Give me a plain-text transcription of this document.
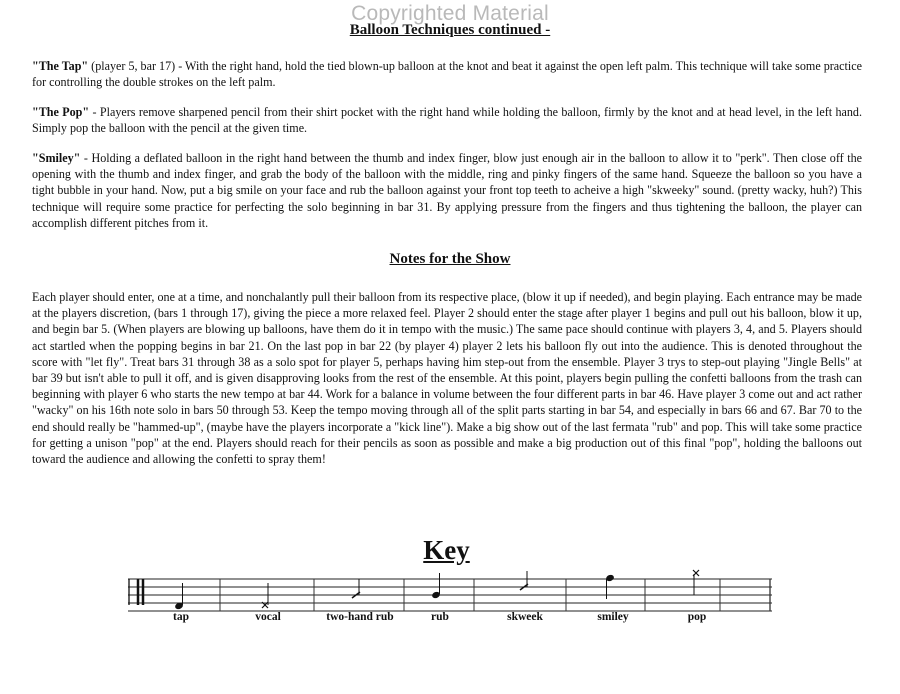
Copyrighted Material
Balloon Techniques continued -

"The Tap" (player 5, bar 17) - With the right hand, hold the tied blown-up balloon at the knot and beat it against the open left palm. This technique will take some practice for controlling the double strokes on the left palm.

"The Pop" - Players remove sharpened pencil from their shirt pocket with the right hand while holding the balloon, firmly by the knot and at head level, in the left hand. Simply pop the balloon with the pencil at the given time.

"Smiley" - Holding a deflated balloon in the right hand between the thumb and index finger, blow just enough air in the balloon to allow it to "perk". Then close off the opening with the thumb and index finger, and grab the body of the balloon with the middle, ring and pinky fingers of the same hand. Squeeze the balloon so you have a tight bubble in your hand. Now, put a big smile on your face and rub the balloon against your front top teeth to acheive a high "skweeky" sound. (pretty wacky, huh?) This technique will require some practice for perfecting the solo beginning in bar 31. By applying pressure from the fingers and thus tightening the balloon, the player can accomplish different pitches from it.

Notes for the Show

Each player should enter, one at a time, and nonchalantly pull their balloon from its respective place, (blow it up if needed), and begin playing. Each entrance may be made at the players discretion, (bars 1 through 17), giving the piece a more relaxed feel. Player 2 should enter the stage after player 1 begins and pull out his balloon, blow it up, and begin bar 5. (When players are blowing up balloons, have them do it in tempo with the music.) The same pace should continue with players 3, 4, and 5. Players should act startled when the popping begins in bar 21. On the last pop in bar 22 (by player 4) player 2 lets his balloon fly out into the audience. This is denoted throughout the score with "let fly". Treat bars 31 through 38 as a solo spot for player 5, perhaps having him step-out from the ensemble. Player 3 trys to step-out playing "Jingle Bells" at bar 39 but isn't able to pull it off, and is given disapproving looks from the rest of the ensemble. At this point, players begin pulling the confetti balloons from the trash can beginning with player 6 who starts the new tempo at bar 44. Work for a balance in volume between the four different parts in bar 46. Have player 3 come out and act rather "wacky" on his 16th note solo in bars 50 through 53. Keep the tempo moving through all of the split parts starting in bar 54, and especially in bars 66 and 67. Bar 70 to the end should really be "hammed-up", (maybe have the players incorporate a "kick line"). Make a big show out of the last fermata "rub" and pop. This will take some practice for getting a unison "pop" at the end. Players should reach for their pencils as soon as possible and make a big production out of this final "pop", holding the balloons out toward the audience and allowing the confetti to spray them!

Key
tap	vocal	two-hand rub	rub	skweek	smiley	pop
